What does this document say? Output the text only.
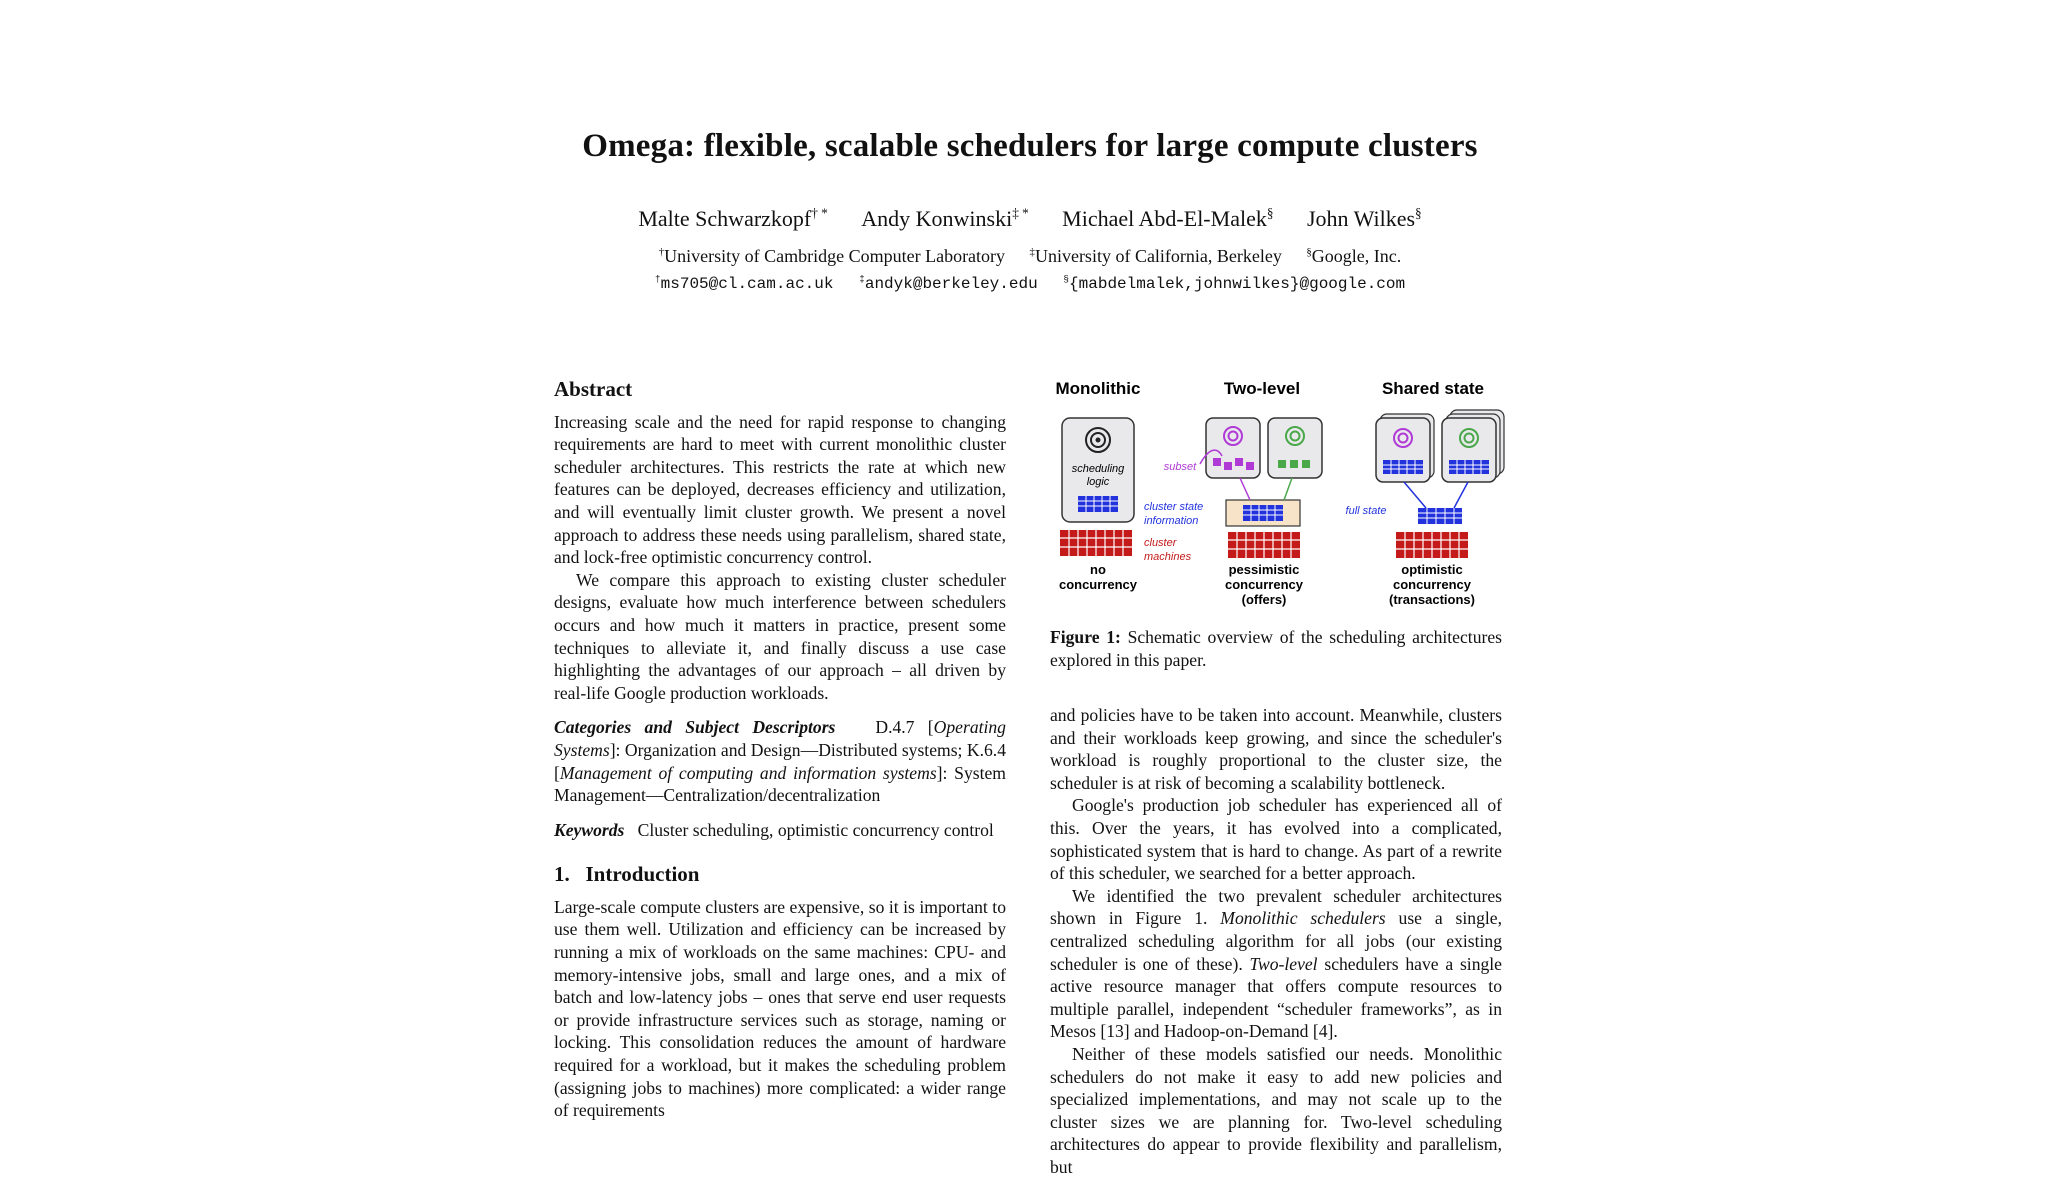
Omega: flexible, scalable schedulers for large compute clusters
Malte Schwarzkopf† * Andy Konwinski‡ * Michael Abd-El-Malek§ John Wilkes§
†University of Cambridge Computer Laboratory ‡University of California, Berkeley §Google, Inc.
†ms705@cl.cam.ac.uk	‡andyk@berkeley.edu	§{mabdelmalek,johnwilkes}@google.com
Abstract

Increasing scale and the need for rapid response to changing requirements are hard to meet with current monolithic cluster scheduler architectures. This restricts the rate at which new features can be deployed, decreases efficiency and utilization, and will eventually limit cluster growth. We present a novel approach to address these needs using parallelism, shared state, and lock-free optimistic concurrency control.

We compare this approach to existing cluster scheduler designs, evaluate how much interference between schedulers occurs and how much it matters in practice, present some techniques to alleviate it, and finally discuss a use case highlighting the advantages of our approach – all driven by real-life Google production workloads.

Categories and Subject Descriptors D.4.7 [Operating Systems]: Organization and Design—Distributed systems; K.6.4 [Management of computing and information systems]: System Management—Centralization/decentralization

Keywords Cluster scheduling, optimistic concurrency control

1.   Introduction

Large-scale compute clusters are expensive, so it is important to use them well. Utilization and efficiency can be increased by running a mix of workloads on the same machines: CPU- and memory-intensive jobs, small and large ones, and a mix of batch and low-latency jobs – ones that serve end user requests or provide infrastructure services such as storage, naming or locking. This consolidation reduces the amount of hardware required for a workload, but it makes the scheduling problem (assigning jobs to machines) more complicated: a wider range of requirements

Monolithic	Two-level	Shared state
scheduling
logic
no
concurrency
subset
cluster state
information
cluster
machines
pessimistic
concurrency
(offers)
full state
optimistic
concurrency
(transactions)
Figure 1: Schematic overview of the scheduling architectures explored in this paper.

and policies have to be taken into account. Meanwhile, clusters and their workloads keep growing, and since the scheduler's workload is roughly proportional to the cluster size, the scheduler is at risk of becoming a scalability bottleneck.

Google's production job scheduler has experienced all of this. Over the years, it has evolved into a complicated, sophisticated system that is hard to change. As part of a rewrite of this scheduler, we searched for a better approach.

We identified the two prevalent scheduler architectures shown in Figure 1. Monolithic schedulers use a single, centralized scheduling algorithm for all jobs (our existing scheduler is one of these). Two-level schedulers have a single active resource manager that offers compute resources to multiple parallel, independent “scheduler frameworks”, as in Mesos [13] and Hadoop-on-Demand [4].

Neither of these models satisfied our needs. Monolithic schedulers do not make it easy to add new policies and specialized implementations, and may not scale up to the cluster sizes we are planning for. Two-level scheduling architectures do appear to provide flexibility and parallelism, but
